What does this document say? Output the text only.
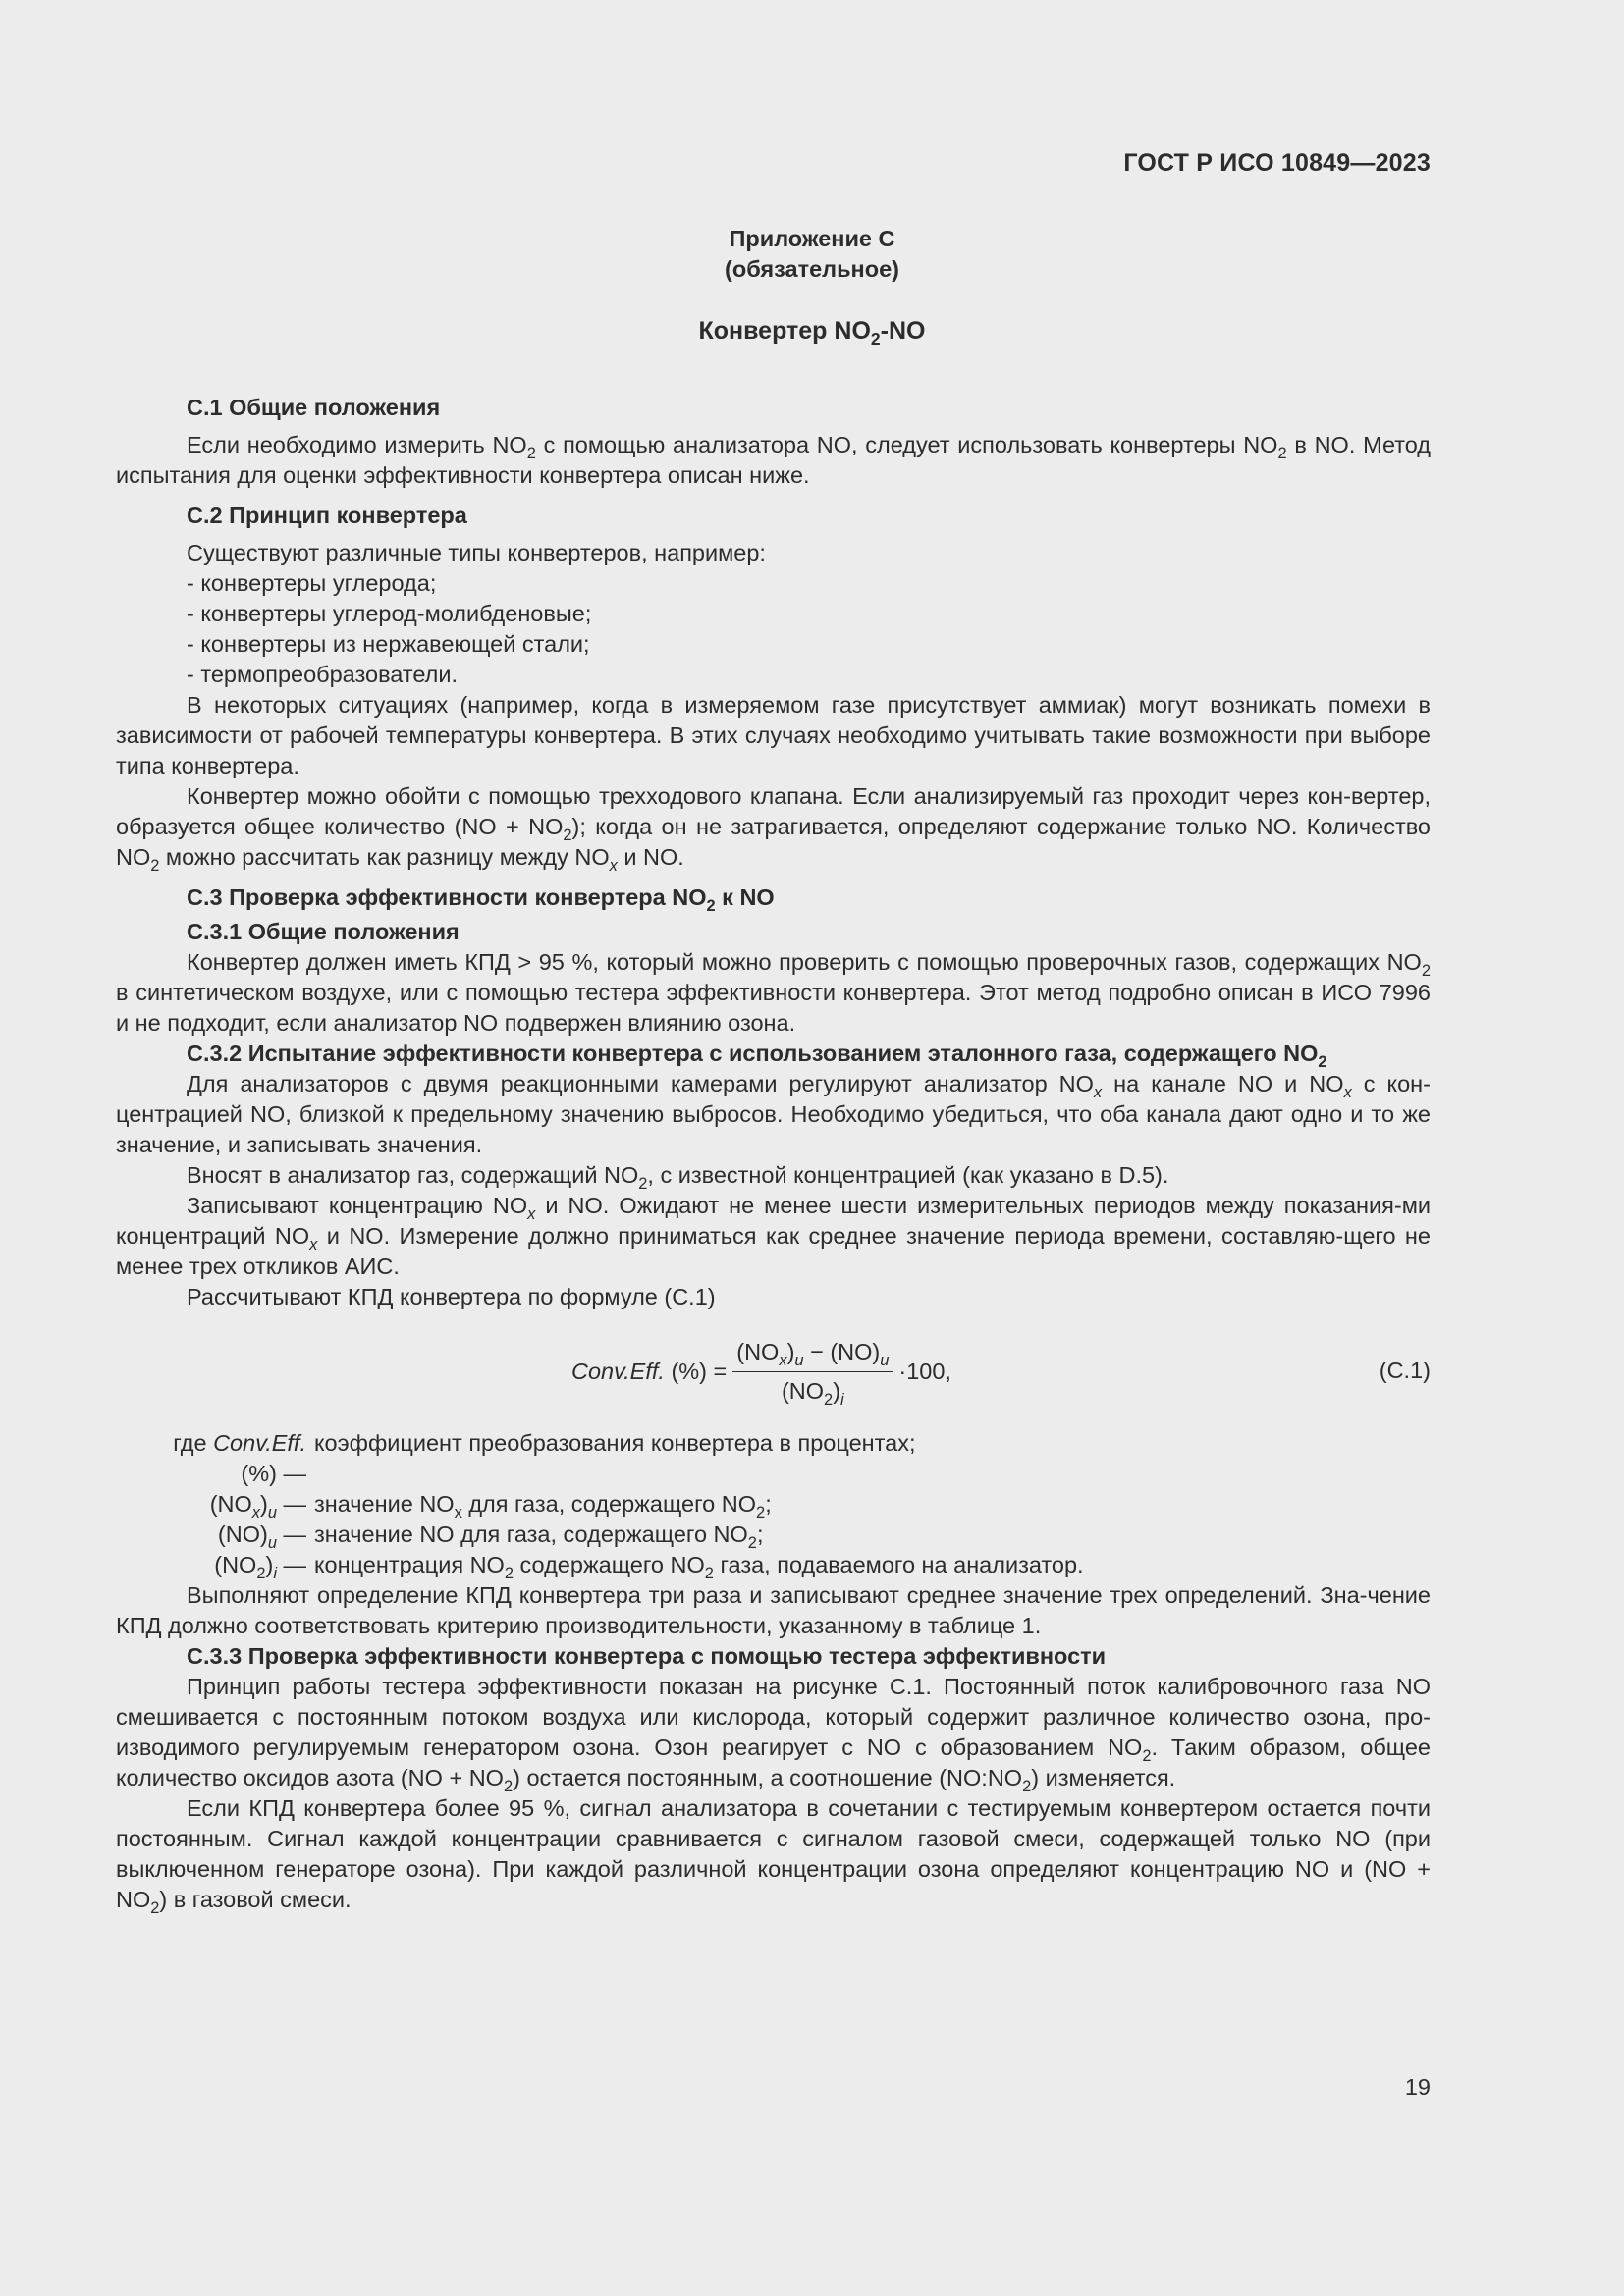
ГОСТ Р ИСО 10849—2023
Приложение С
(обязательное)
Конвертер $NO_2-NO$

С.1 Общие положения

Если необходимо измерить $NO_2$ с помощью анализатора NO, следует использовать конвертеры $NO_2$ в NO. Метод испытания для оценки эффективности конвертера описан ниже.

С.2 Принцип конвертера

Существуют различные типы конвертеров, например:

- конвертеры углерода;

- конвертеры углерод-молибденовые;

- конвертеры из нержавеющей стали;

- термопреобразователи.

В некоторых ситуациях (например, когда в измеряемом газе присутствует аммиак) могут возникать помехи в зависимости от рабочей температуры конвертера. В этих случаях необходимо учитывать такие возможности при выборе типа конвертера.

Конвертер можно обойти с помощью трехходового клапана. Если анализируемый газ проходит через кон-вертер, образуется общее количество $(NO + NO_2)$; когда он не затрагивается, определяют содержание только NO. Количество $NO_2$ можно рассчитать как разницу между $NO_x$ и NO.

С.3 Проверка эффективности конвертера $NO_2$ к NO

С.3.1 Общие положения

Конвертер должен иметь КПД > 95 %, который можно проверить с помощью проверочных газов, содержащих $NO_2$ в синтетическом воздухе, или с помощью тестера эффективности конвертера. Этот метод подробно описан в ИСО 7996 и не подходит, если анализатор NO подвержен влиянию озона.

С.3.2 Испытание эффективности конвертера с использованием эталонного газа, содержащего $NO_2$

Для анализаторов с двумя реакционными камерами регулируют анализатор $NO_x$ на канале NO и $NO_x$ с кон-центрацией NO, близкой к предельному значению выбросов. Необходимо убедиться, что оба канала дают одно и то же значение, и записывать значения.

Вносят в анализатор газ, содержащий $NO_2$, с известной концентрацией (как указано в D.5).

Записывают концентрацию $NO_x$ и NO. Ожидают не менее шести измерительных периодов между показания-ми концентраций $NO_x$ и NO. Измерение должно приниматься как среднее значение периода времени, составляю-щего не менее трех откликов АИС.

Рассчитывают КПД конвертера по формуле (С.1)

Conv.Eff.
(%) = $\frac{(NO_x)_u - (NO)_u}{(NO_2)_i} \cdot 100$,	(С.1)
где Conv.Eff. (%) —
коэффициент преобразования конвертера в процентах;
$(NO_x)_u$ — значение $NO_x$ для газа, содержащего $NO_2$;
$(NO)_u$ — значение NO для газа, содержащего $NO_2$;
$(NO_2)_i$ — концентрация $NO_2$ содержащего $NO_2$ газа, подаваемого на анализатор.

Выполняют определение КПД конвертера три раза и записывают среднее значение трех определений. Зна-чение КПД должно соответствовать критерию производительности, указанному в таблице 1.

С.3.3 Проверка эффективности конвертера с помощью тестера эффективности

Принцип работы тестера эффективности показан на рисунке С.1. Постоянный поток калибровочного газа NO смешивается с постоянным потоком воздуха или кислорода, который содержит различное количество озона, про-изводимого регулируемым генератором озона. Озон реагирует с NO с образованием $NO_2$. Таким образом, общее количество оксидов азота $(NO + NO_2)$ остается постоянным, а соотношение $(NO:NO_2)$ изменяется.

Если КПД конвертера более 95 %, сигнал анализатора в сочетании с тестируемым конвертером остается почти постоянным. Сигнал каждой концентрации сравнивается с сигналом газовой смеси, содержащей только NO (при выключенном генераторе озона). При каждой различной концентрации озона определяют концентрацию NO и $(NO + NO_2)$ в газовой смеси.

19
